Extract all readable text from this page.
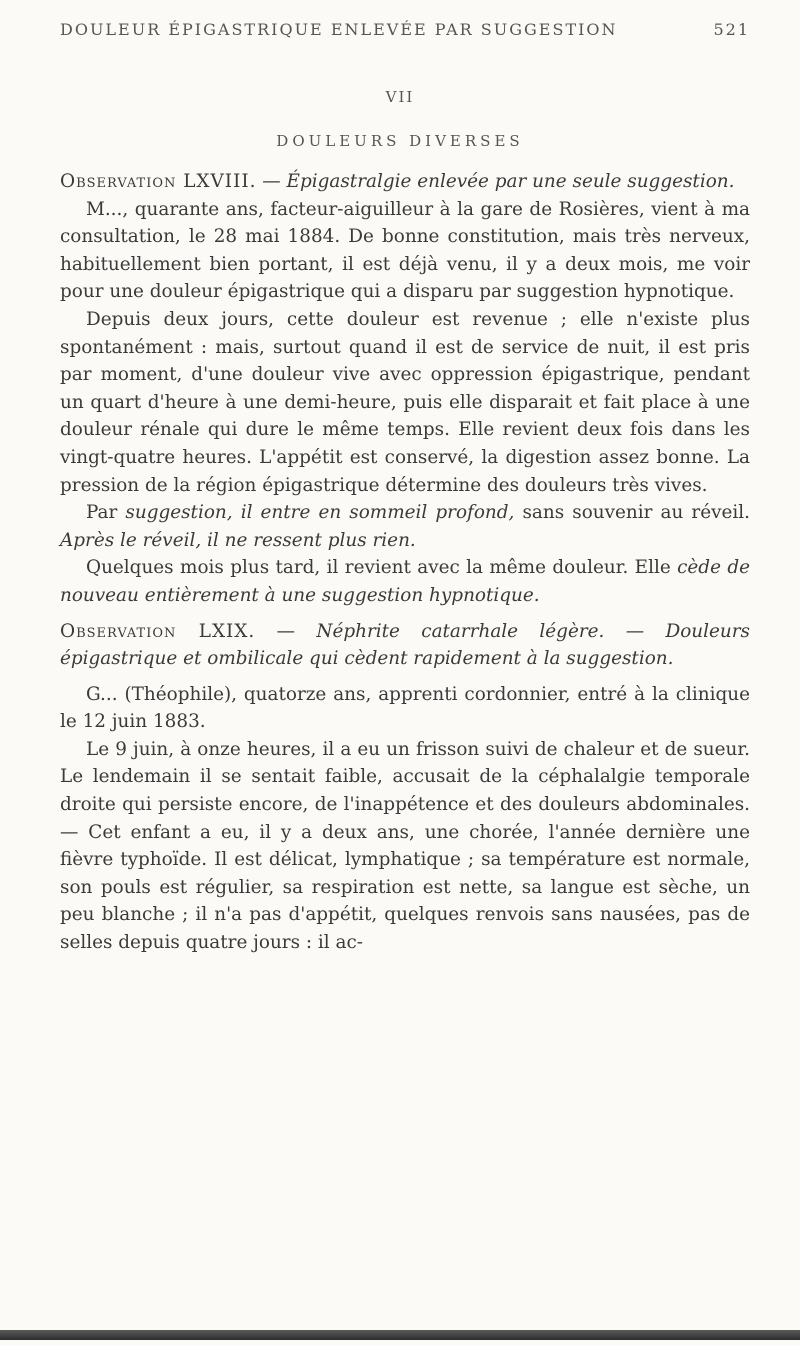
DOULEUR ÉPIGASTRIQUE ENLEVÉE PAR SUGGESTION	521
VII
DOULEURS DIVERSES

Observation LXVIII. — Épigastralgie enlevée par une seule suggestion.

M..., quarante ans, facteur-aiguilleur à la gare de Rosières, vient à ma consultation, le 28 mai 1884. De bonne constitution, mais très nerveux, habituellement bien portant, il est déjà venu, il y a deux mois, me voir pour une douleur épigastrique qui a disparu par suggestion hypnotique.

Depuis deux jours, cette douleur est revenue ; elle n'existe plus spontanément : mais, surtout quand il est de service de nuit, il est pris par moment, d'une douleur vive avec oppression épigastrique, pendant un quart d'heure à une demi-heure, puis elle disparait et fait place à une douleur rénale qui dure le même temps. Elle revient deux fois dans les vingt-quatre heures. L'appétit est conservé, la digestion assez bonne. La pression de la région épigastrique détermine des douleurs très vives.

Par suggestion, il entre en sommeil profond, sans souvenir au réveil. Après le réveil, il ne ressent plus rien.

Quelques mois plus tard, il revient avec la même douleur. Elle cède de nouveau entièrement à une suggestion hypnotique.

Observation LXIX. — Néphrite catarrhale légère. — Douleurs épigastrique et ombilicale qui cèdent rapidement à la suggestion.

G... (Théophile), quatorze ans, apprenti cordonnier, entré à la clinique le 12 juin 1883.

Le 9 juin, à onze heures, il a eu un frisson suivi de chaleur et de sueur. Le lendemain il se sentait faible, accusait de la céphalalgie temporale droite qui persiste encore, de l'inappétence et des douleurs abdominales. — Cet enfant a eu, il y a deux ans, une chorée, l'année dernière une fièvre typhoïde. Il est délicat, lymphatique ; sa température est normale, son pouls est régulier, sa respiration est nette, sa langue est sèche, un peu blanche ; il n'a pas d'appétit, quelques renvois sans nausées, pas de selles depuis quatre jours : il ac-
